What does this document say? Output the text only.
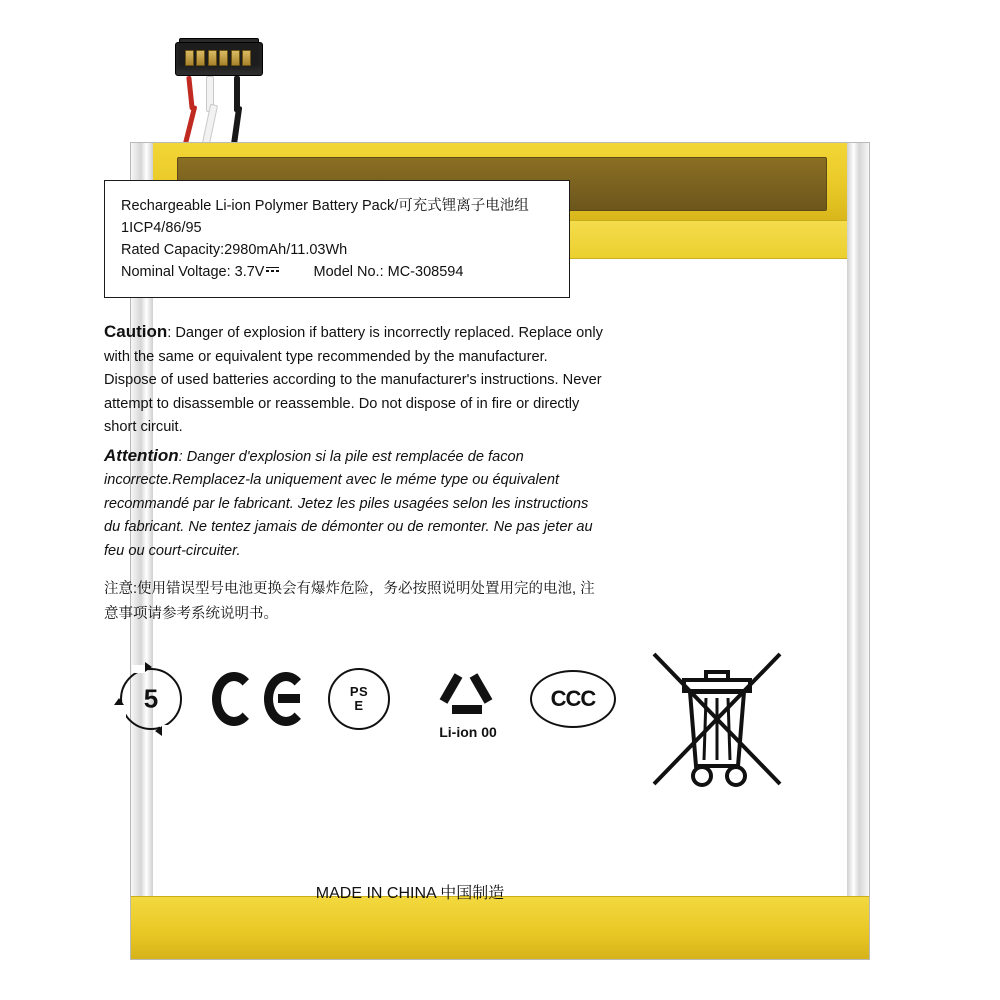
Rechargeable Li-ion Polymer Battery Pack/可充式锂离子电池组
1ICP4/86/95
Rated Capacity:2980mAh/11.03Wh
Nominal Voltage: 3.7V	Model No.: MC-308594

Caution: Danger of explosion if battery is incorrectly replaced. Replace only with the same or equivalent type recommended by the manufacturer. Dispose of used batteries according to the manufacturer's instructions. Never attempt to disassemble or reassemble. Do not dispose of in fire or directly short circuit.

Attention: Danger d'explosion si la pile est remplacée de facon incorrecte.Remplacez-la uniquement avec le méme type ou équivalent recommandé par le fabricant. Jetez les piles usagées selon les instructions du fabricant. Ne tentez jamais de démonter ou de remonter. Ne pas jeter au feu ou court-circuiter.

注意:使用错误型号电池更换会有爆炸危险，务必按照说明处置用完的电池, 注意事项请参考系统说明书。

5	PS
E
Li-ion 00
CCC
MADE IN CHINA 中国制造
